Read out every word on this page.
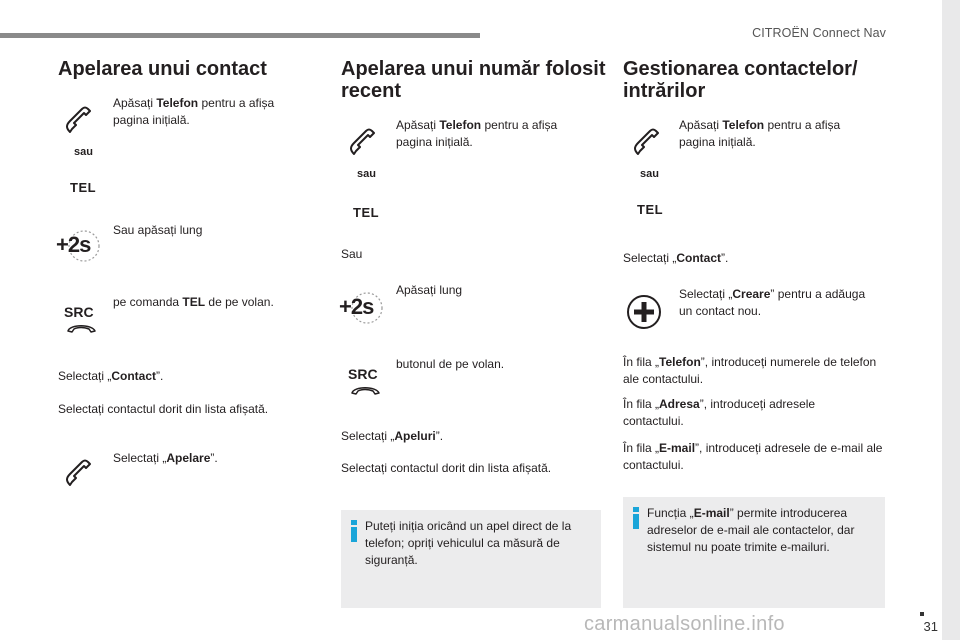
CITROËN Connect Nav
31
carmanualsonline.info
Apelarea unui contact

Apăsați Telefon pentru a afișa pagina inițială.

sau
TEL

Sau apăsați lung

+2s
SRC

pe comanda TEL de pe volan.

Selectați „Contact”.

Selectați contactul dorit din lista afișată.

Selectați „Apelare”.

Apelarea unui număr folosit
recent

Apăsați Telefon pentru a afișa pagina inițială.

sau
TEL

Sau

Apăsați lung

+2s
SRC

butonul de pe volan.

Selectați „Apeluri”.

Selectați contactul dorit din lista afișată.

Puteți iniția oricând un apel direct de la telefon; opriți vehiculul ca măsură de siguranță.

Gestionarea contactelor/
intrărilor

Apăsați Telefon pentru a afișa pagina inițială.

sau
TEL

Selectați „Contact”.

Selectați „Creare” pentru a adăuga un contact nou.

În fila „Telefon”, introduceți numerele de telefon ale contactului.

În fila „Adresa”, introduceți adresele contactului.

În fila „E-mail”, introduceți adresele de e-mail ale contactului.

Funcția „E-mail” permite introducerea adreselor de e-mail ale contactelor, dar sistemul nu poate trimite e-mailuri.
